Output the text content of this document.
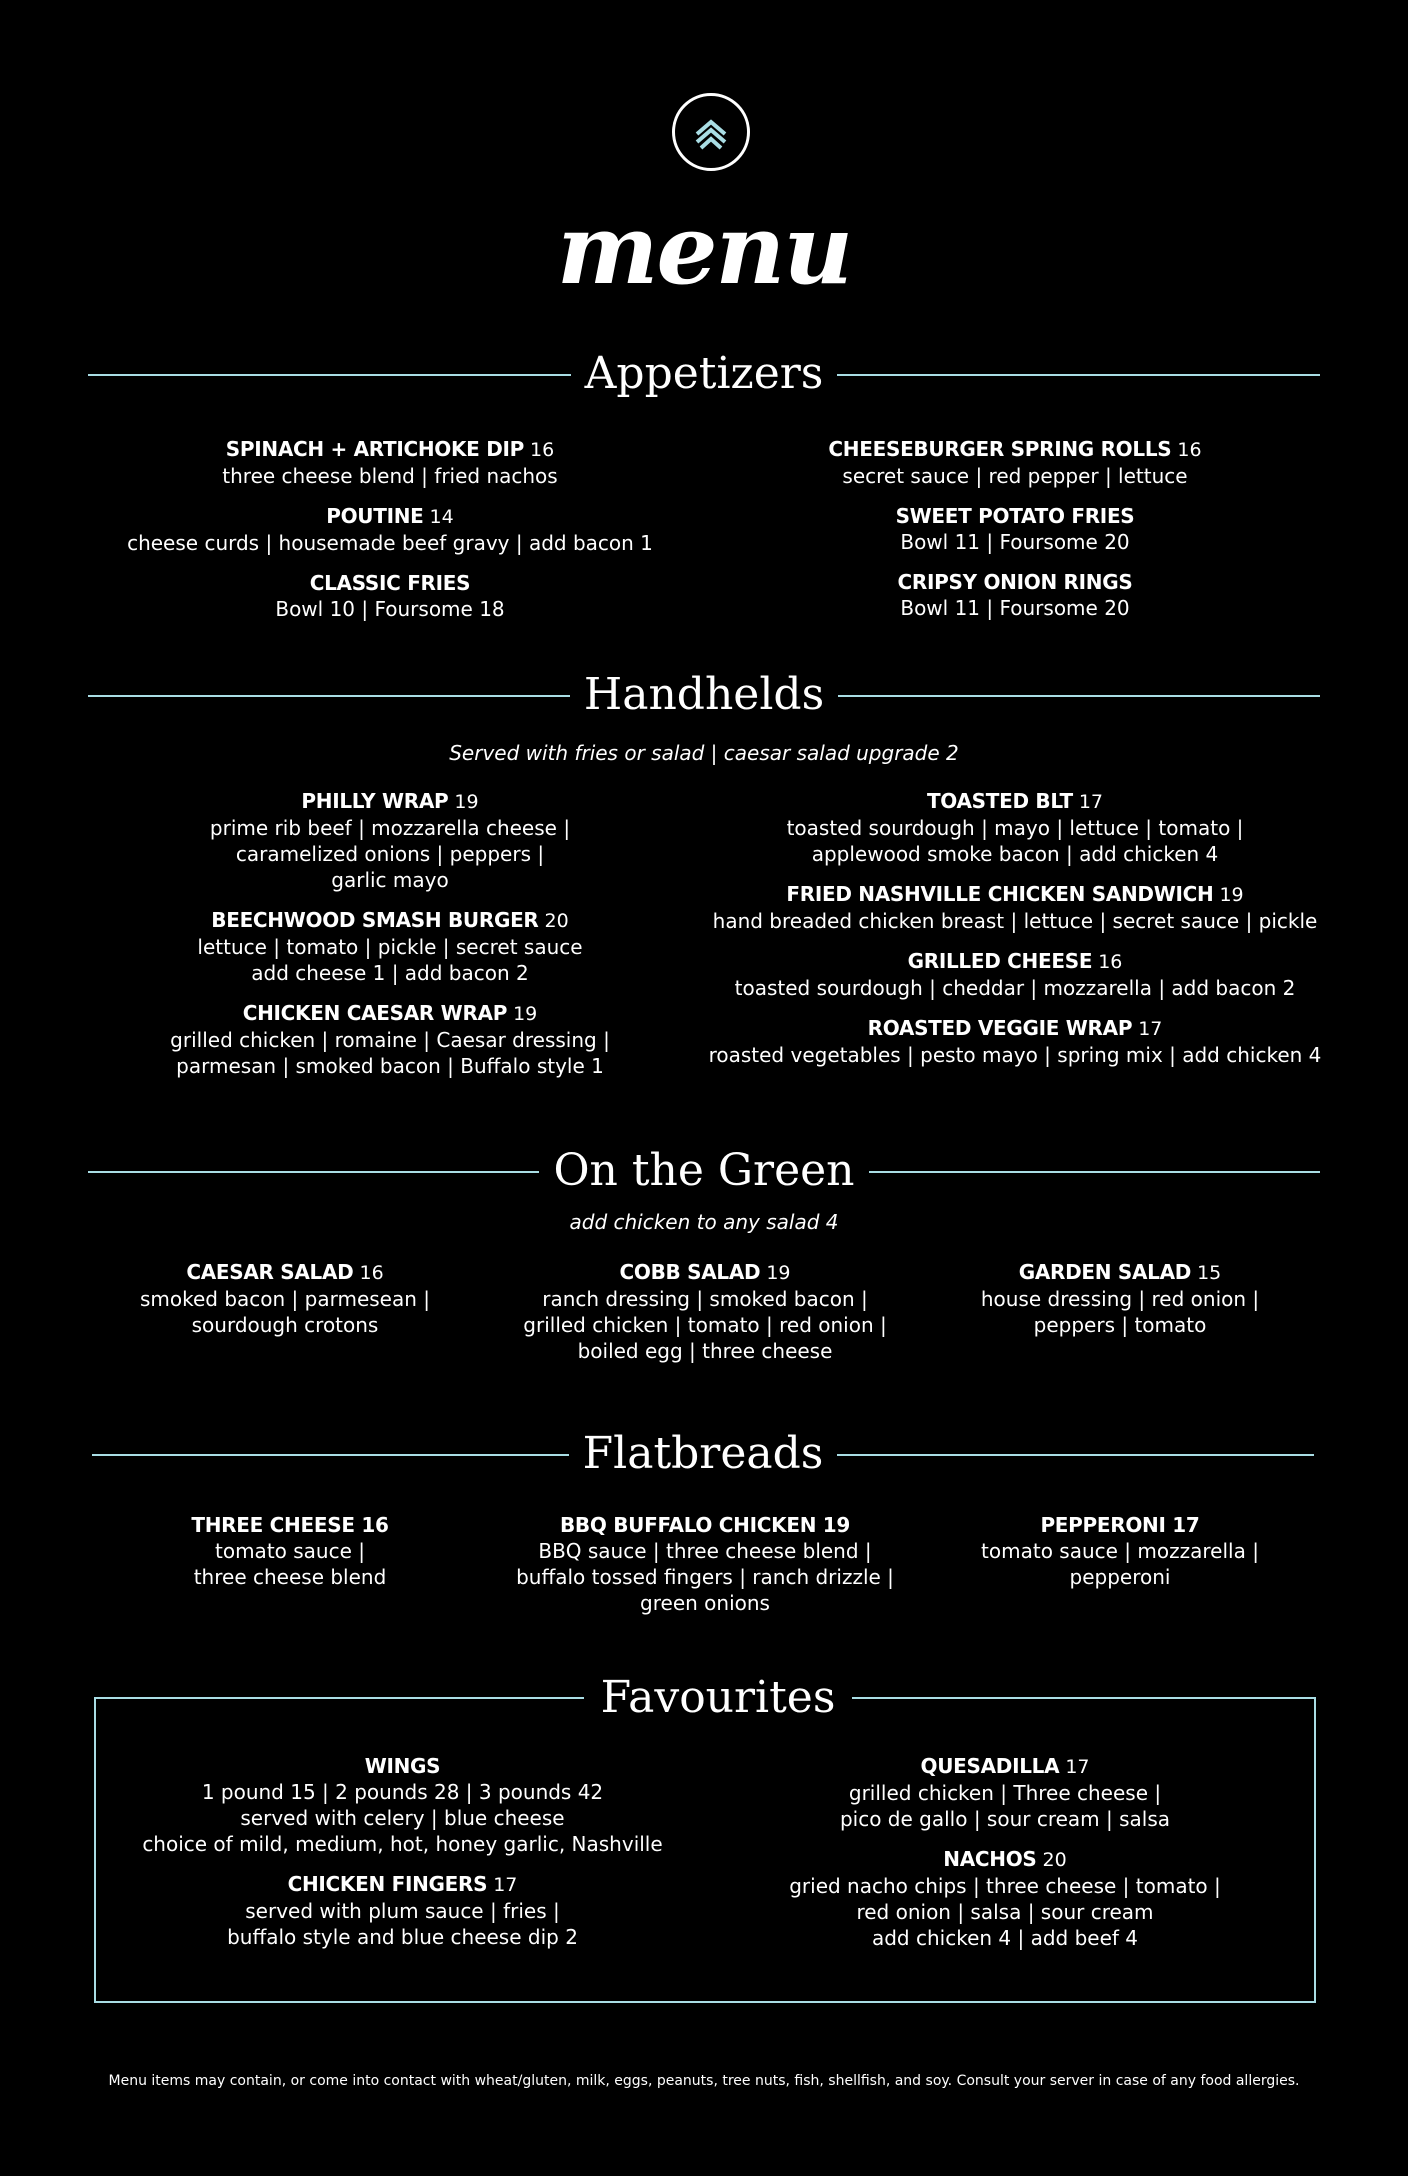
menu
Appetizers
SPINACH + ARTICHOKE DIP 16
three cheese blend | fried nachos
POUTINE 14
cheese curds | housemade beef gravy | add bacon 1
CLASSIC FRIES
Bowl 10 | Foursome 18
CHEESEBURGER SPRING ROLLS 16
secret sauce | red pepper | lettuce
SWEET POTATO FRIES
Bowl 11 | Foursome 20
CRIPSY ONION RINGS
Bowl 11 | Foursome 20
Handhelds
Served with fries or salad | caesar salad upgrade 2
PHILLY WRAP 19
prime rib beef | mozzarella cheese |
caramelized onions | peppers |
garlic mayo
BEECHWOOD SMASH BURGER 20
lettuce | tomato | pickle | secret sauce
add cheese 1 | add bacon 2
CHICKEN CAESAR WRAP 19
grilled chicken | romaine | Caesar dressing |
parmesan | smoked bacon | Buffalo style 1
TOASTED BLT 17
toasted sourdough | mayo | lettuce | tomato |
applewood smoke bacon | add chicken 4
FRIED NASHVILLE CHICKEN SANDWICH 19
hand breaded chicken breast | lettuce | secret sauce | pickle
GRILLED CHEESE 16
toasted sourdough | cheddar | mozzarella | add bacon 2
ROASTED VEGGIE WRAP 17
roasted vegetables | pesto mayo | spring mix | add chicken 4
On the Green
add chicken to any salad 4
CAESAR SALAD 16
smoked bacon | parmesean |
sourdough crotons
COBB SALAD 19
ranch dressing | smoked bacon |
grilled chicken | tomato | red onion |
boiled egg | three cheese
GARDEN SALAD 15
house dressing | red onion |
peppers | tomato
Flatbreads
THREE CHEESE 16
tomato sauce |
three cheese blend
BBQ BUFFALO CHICKEN 19
BBQ sauce | three cheese blend |
buffalo tossed fingers | ranch drizzle |
green onions
PEPPERONI 17
tomato sauce | mozzarella |
pepperoni
Favourites
WINGS
1 pound 15 | 2 pounds 28 | 3 pounds 42
served with celery | blue cheese
choice of mild, medium, hot, honey garlic, Nashville
CHICKEN FINGERS 17
served with plum sauce | fries |
buffalo style and blue cheese dip 2
QUESADILLA 17
grilled chicken | Three cheese |
pico de gallo | sour cream | salsa
NACHOS 20
gried nacho chips | three cheese | tomato |
red onion | salsa | sour cream
add chicken 4 | add beef 4
Menu items may contain, or come into contact with wheat/gluten, milk, eggs, peanuts, tree nuts, fish, shellfish, and soy. Consult your server in case of any food allergies.
